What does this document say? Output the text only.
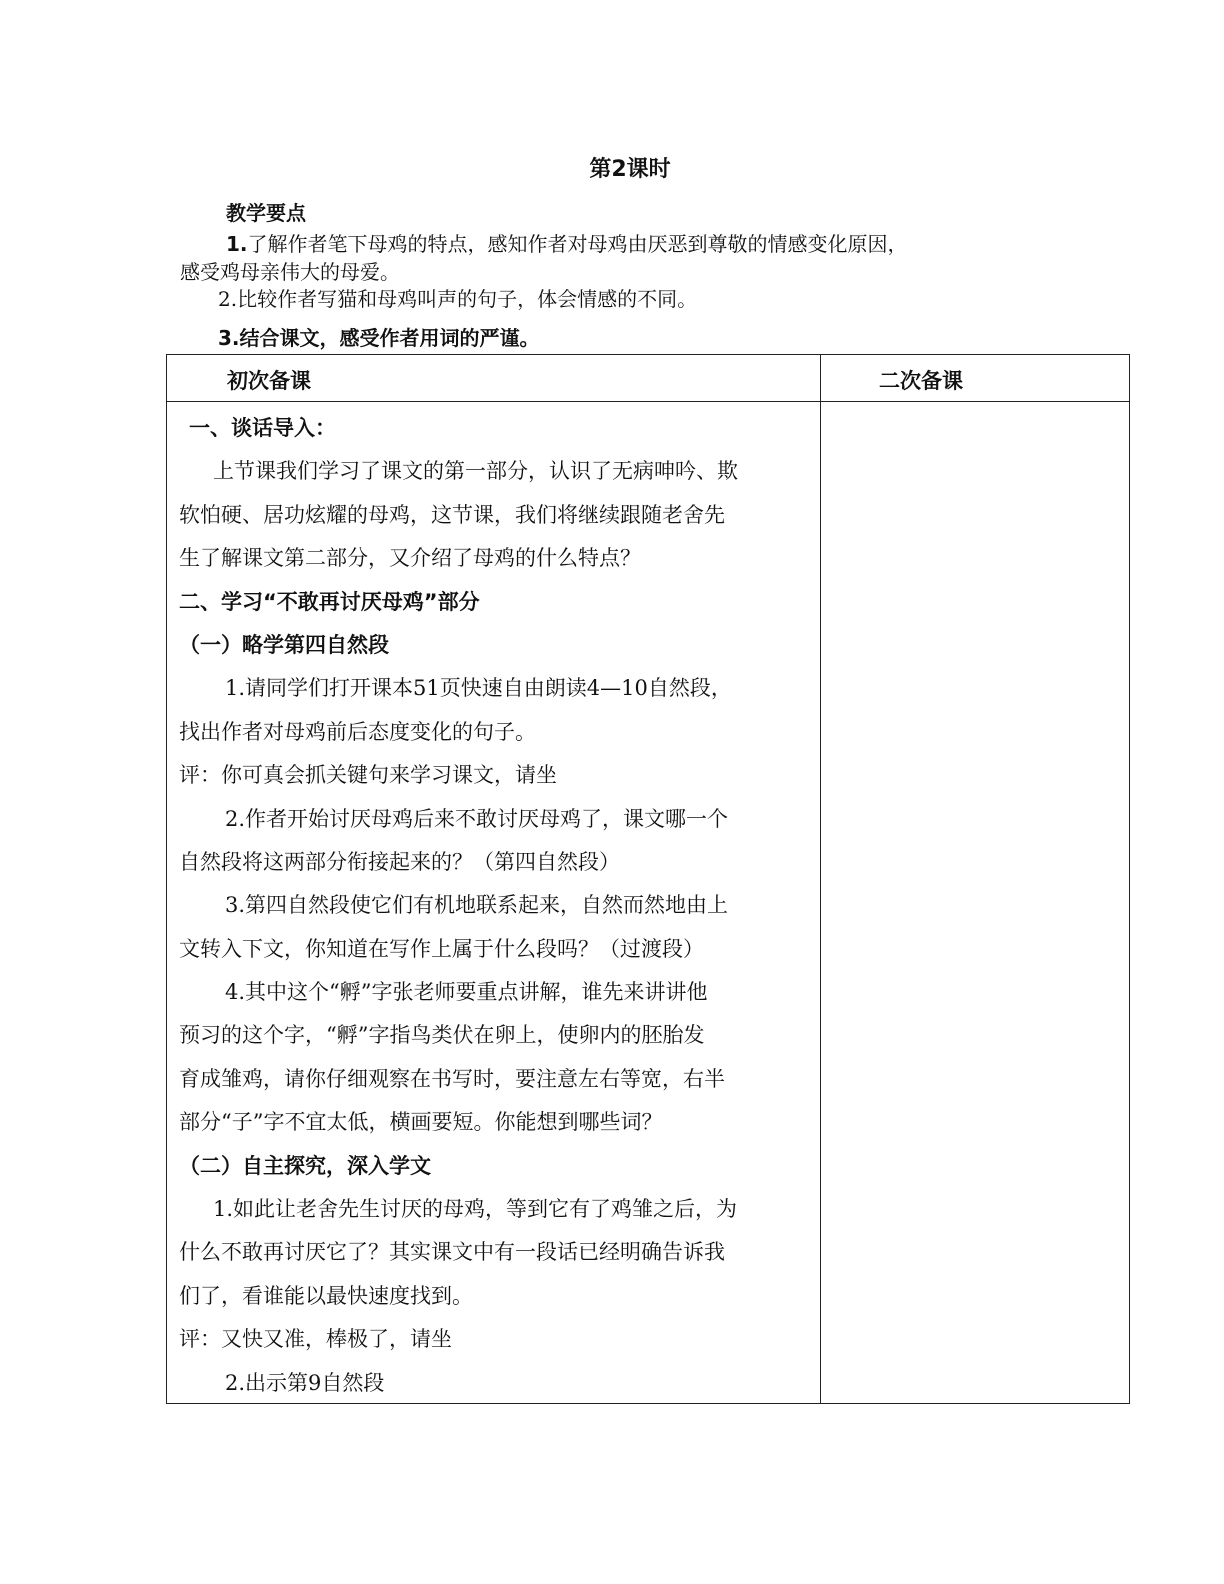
第2课时
教学要点
1.了解作者笔下母鸡的特点，感知作者对母鸡由厌恶到尊敬的情感变化原因，
感受鸡母亲伟大的母爱。
2.比较作者写猫和母鸡叫声的句子，体会情感的不同。
3.结合课文，感受作者用词的严谨。
初次备课	二次备课
一、谈话导入：
上节课我们学习了课文的第一部分，认识了无病呻吟、欺
软怕硬、居功炫耀的母鸡，这节课，我们将继续跟随老舍先
生了解课文第二部分，又介绍了母鸡的什么特点？
二、学习“不敢再讨厌母鸡”部分
（一）略学第四自然段
1.请同学们打开课本51页快速自由朗读4—10自然段，
找出作者对母鸡前后态度变化的句子。
评：你可真会抓关键句来学习课文，请坐
2.作者开始讨厌母鸡后来不敢讨厌母鸡了，课文哪一个
自然段将这两部分衔接起来的？（第四自然段）
3.第四自然段使它们有机地联系起来，自然而然地由上
文转入下文，你知道在写作上属于什么段吗？（过渡段）
4.其中这个“孵”字张老师要重点讲解，谁先来讲讲他
预习的这个字，“孵”字指鸟类伏在卵上，使卵内的胚胎发
育成雏鸡，请你仔细观察在书写时，要注意左右等宽，右半
部分“子”字不宜太低，横画要短。你能想到哪些词？
（二）自主探究，深入学文
1.如此让老舍先生讨厌的母鸡，等到它有了鸡雏之后，为
什么不敢再讨厌它了？其实课文中有一段话已经明确告诉我
们了，看谁能以最快速度找到。
评：又快又准，棒极了，请坐
2.出示第9自然段
